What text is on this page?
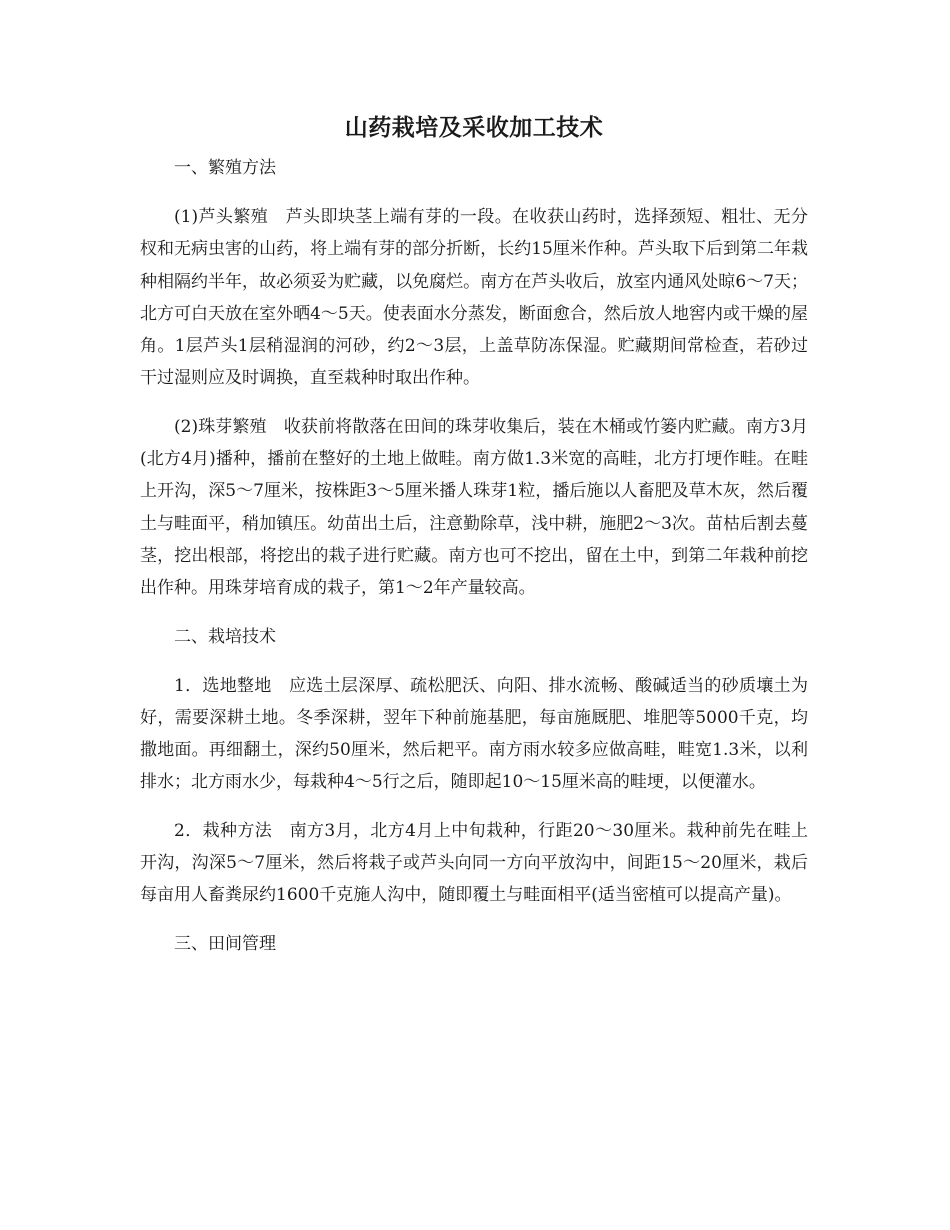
山药栽培及采收加工技术
一、繁殖方法

(1)芦头繁殖　芦头即块茎上端有芽的一段。在收获山药时，选择颈短、粗壮、无分杈和无病虫害的山药，将上端有芽的部分折断，长约15厘米作种。芦头取下后到第二年栽种相隔约半年，故必须妥为贮藏，以免腐烂。南方在芦头收后，放室内通风处晾6～7天；北方可白天放在室外晒4～5天。使表面水分蒸发，断面愈合，然后放人地窖内或干燥的屋角。1层芦头1层稍湿润的河砂，约2～3层，上盖草防冻保湿。贮藏期间常检查，若砂过干过湿则应及时调换，直至栽种时取出作种。

(2)珠芽繁殖　收获前将散落在田间的珠芽收集后，装在木桶或竹篓内贮藏。南方3月(北方4月)播种，播前在整好的土地上做畦。南方做1.3米宽的高畦，北方打埂作畦。在畦上开沟，深5～7厘米，按株距3～5厘米播人珠芽1粒，播后施以人畜肥及草木灰，然后覆土与畦面平，稍加镇压。幼苗出土后，注意勤除草，浅中耕，施肥2～3次。苗枯后割去蔓茎，挖出根部，将挖出的栽子进行贮藏。南方也可不挖出，留在土中，到第二年栽种前挖出作种。用珠芽培育成的栽子，第1～2年产量较高。

二、栽培技术

1．选地整地　应选土层深厚、疏松肥沃、向阳、排水流畅、酸碱适当的砂质壤土为好，需要深耕土地。冬季深耕，翌年下种前施基肥，每亩施厩肥、堆肥等5000千克，均撒地面。再细翻土，深约50厘米，然后耙平。南方雨水较多应做高畦，畦宽1.3米，以利排水；北方雨水少，每栽种4～5行之后，随即起10～15厘米高的畦埂，以便灌水。

2．栽种方法　南方3月，北方4月上中旬栽种，行距20～30厘米。栽种前先在畦上开沟，沟深5～7厘米，然后将栽子或芦头向同一方向平放沟中，间距15～20厘米，栽后每亩用人畜粪尿约1600千克施人沟中，随即覆土与畦面相平(适当密植可以提高产量)。

三、田间管理
